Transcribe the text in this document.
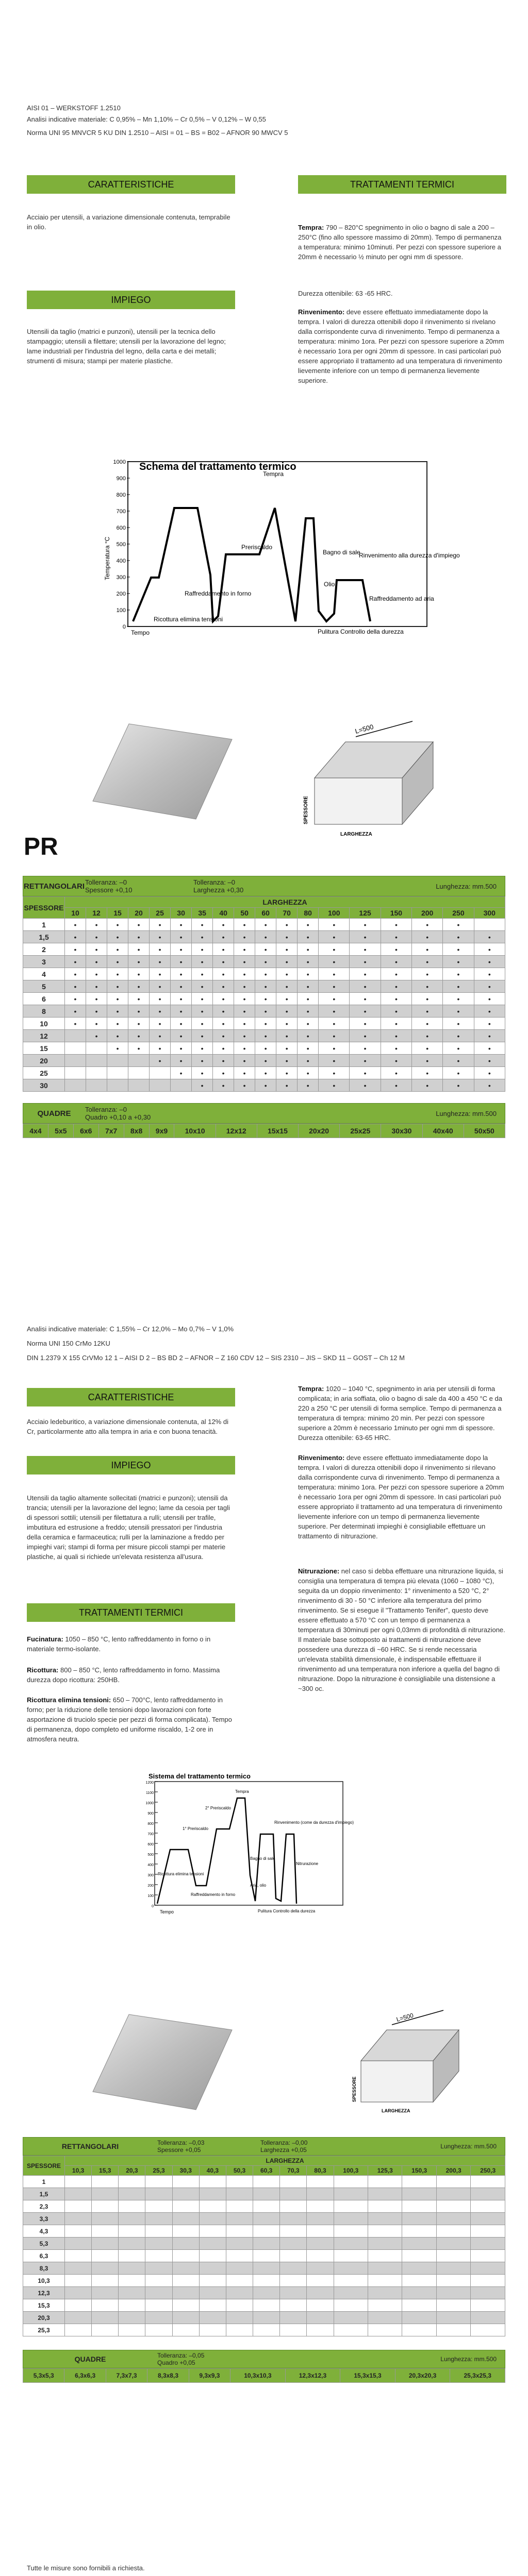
AISI 01 – WERKSTOFF 1.2510
Analisi indicative materiale: C 0,95% – Mn 1,10% – Cr 0,5% – V 0,12% – W 0,55
Norma UNI 95 MNVCR 5 KU DIN 1.2510 – AISI = 01 – BS = B02 – AFNOR 90 MWCV 5
CARATTERISTICHE
Acciaio per utensili, a variazione dimensionale contenuta, temprabile in olio.
IMPIEGO
Utensili da taglio (matrici e punzoni), utensili per la tecnica dello stampaggio; utensili a filettare; utensili per la lavorazione del legno; lame industriali per l'industria del legno, della carta e dei metalli; strumenti di misura; stampi per materie plastiche.
TRATTAMENTI TERMICI
Tempra: 790 – 820°C spegnimento in olio o bagno di sale a 200 – 250°C (fino allo spessore massimo di 20mm). Tempo di permanenza a temperatura: minimo 10minuti. Per pezzi con spessore superiore a 20mm è necessario ½ minuto per ogni mm di spessore.
Durezza ottenibile: 63 -65 HRC.
Rinvenimento: deve essere effettuato immediatamente dopo la tempra. I valori di durezza ottenibili dopo il rinvenimento si rivelano dalla corrispondente curva di rinvenimento. Tempo di permanenza a temperatura: minimo 1ora. Per pezzi con spessore superiore a 20mm è necessario 1ora per ogni 20mm di spessore. In casi particolari può essere appropriato il trattamento ad una temperatura di rinvenimento lievemente inferiore con un tempo di permanenza lievemente superiore.
Schema del trattamento termico
0
100
200
300
400
500
600
700
800
900
1000
Temperatura °C
Tempo
Tempra
Preriscaldo
Raffreddamento in forno
Ricottura elimina tensioni
Bagno di sale
Olio
Rinvenimento alla durezza d'impiego
Raffreddamento ad aria
Pulitura Controllo della durezza
L=500
SPESSORE
LARGHEZZA
PR
RETTANGOLARI Tolleranza: –0
Spessore +0,10
Tolleranza: –0
Larghezza +0,30	Lunghezza: mm.500
SPESSORE	LARGHEZZA																	
	10	12	15	20	25	30	35	40	50	60	70	80	100	125	150	200	250	300
1	•	•	•	•	•	•	•	•	•	•	•	•	•	•	•	•	•	
1,5	•	•	•	•	•	•	•	•	•	•	•	•	•	•	•	•	•	•
2	•	•	•	•	•	•	•	•	•	•	•	•	•	•	•	•	•	•
3	•	•	•	•	•	•	•	•	•	•	•	•	•	•	•	•	•	•
4	•	•	•	•	•	•	•	•	•	•	•	•	•	•	•	•	•	•
5	•	•	•	•	•	•	•	•	•	•	•	•	•	•	•	•	•	•
6	•	•	•	•	•	•	•	•	•	•	•	•	•	•	•	•	•	•
8	•	•	•	•	•	•	•	•	•	•	•	•	•	•	•	•	•	•
10	•	•	•	•	•	•	•	•	•	•	•	•	•	•	•	•	•	•
12		•	•	•	•	•	•	•	•	•	•	•	•	•	•	•	•	•
15			•	•	•	•	•	•	•	•	•	•	•	•	•	•	•	•
20					•	•	•	•	•	•	•	•	•	•	•	•	•	•
25						•	•	•	•	•	•	•	•	•	•	•	•	•
30							•	•	•	•	•	•	•	•	•	•	•	•
QUADRE	Tolleranza: –0
Quadro +0,10 a +0,30	Lunghezza: mm.500
4x4	5x5	6x6	7x7	8x8	9x9	10x10	12x12	15x15	20x20	25x25	30x30	40x40	50x50
Analisi indicative materiale: C 1,55% – Cr 12,0% – Mo 0,7% – V 1,0%
Norma UNI 150 CrMo 12KU
DIN 1.2379 X 155 CrVMo 12 1 – AISI D 2 – BS BD 2 – AFNOR – Z 160 CDV 12 – SIS 2310 – JIS – SKD 11 – GOST – Ch 12 M
CARATTERISTICHE
Acciaio ledeburitico, a variazione dimensionale contenuta, al 12% di Cr, particolarmente atto alla tempra in aria e con buona tenacità.
IMPIEGO
Utensili da taglio altamente sollecitati (matrici e punzoni); utensili da trancia; utensili per la lavorazione del legno; lame da cesoia per tagli di spessori sottili; utensili per filettatura a rulli; utensili per trafile, imbutitura ed estrusione a freddo; utensili pressatori per l'industria della ceramica e farmaceutica; rulli per la laminazione a freddo per impieghi vari; stampi di forma per misure piccoli stampi per materie plastiche, ai quali si richiede un'elevata resistenza all'usura.
TRATTAMENTI TERMICI
Fucinatura: 1050 – 850 °C, lento raffreddamento in forno o in materiale termo-isolante.
Ricottura: 800 – 850 °C, lento raffreddamento in forno. Massima durezza dopo ricottura: 250HB.
Ricottura elimina tensioni: 650 – 700°C, lento raffreddamento in forno; per la riduzione delle tensioni dopo lavorazioni con forte asportazione di truciolo specie per pezzi di forma complicata). Tempo di permanenza, dopo completo ed uniforme riscaldo, 1-2 ore in atmosfera neutra.
Tempra: 1020 – 1040 °C, spegnimento in aria per utensili di forma complicata; in aria soffiata, olio o bagno di sale da 400 a 450 °C e da 220 a 250 °C per utensili di forma semplice. Tempo di permanenza a temperatura di tempra: minimo 20 min. Per pezzi con spessore superiore a 20mm è necessario 1minuto per ogni mm di spessore. Durezza ottenibile: 63-65 HRC.
Rinvenimento: deve essere effettuato immediatamente dopo la tempra. I valori di durezza ottenibili dopo il rinvenimento si rilevano dalla corrispondente curva di rinvenimento. Tempo di permanenza a temperatura: minimo 1ora. Per pezzi con spessore superiore a 20mm è necessario 1ora per ogni 20mm di spessore. In casi particolari può essere appropriato il trattamento ad una temperatura di rinvenimento lievemente inferiore con un tempo di permanenza lievemente superiore. Per determinati impieghi è consigliabile effettuare un trattamento di nitrurazione.
Nitrurazione: nel caso si debba effettuare una nitrurazione liquida, si consiglia una temperatura di tempra più elevata (1060 – 1080 °C), seguita da un doppio rinvenimento: 1° rinvenimento a 520 °C, 2° rinvenimento di 30 - 50 °C inferiore alla temperatura del primo rinvenimento. Se si esegue il "Trattamento Tenifer", questo deve essere effettuato a 570 °C con un tempo di permanenza a temperatura di 30minuti per ogni 0,03mm di profondità di nitrurazione. Il materiale base sottoposto ai trattamenti di nitrurazione deve possedere una durezza di ~60 HRC. Se si rende necessaria un'elevata stabilità dimensionale, è indispensabile effettuare il rinvenimento ad una temperatura non inferiore a quella del bagno di nitrurazione. Dopo la nitrurazione è consigliabile una distensione a ~300 oc.
Sistema del trattamento termico
0
100
200
300
400
500
600
700
800
900
1000
1100
1200
Tempo
Tempra
2° Preriscaldo
1° Preriscaldo
Ricottura elimina tensioni
Raffreddamento in forno
Bagno di sale
Aria, olio
Rinvenimento (come da durezza d'impiego)
Nitrurazione
Pulitura Controllo della durezza
L=500
SPESSORE
LARGHEZZA
RETTANGOLARI	Tolleranza: –0,03
Spessore +0,05
Tolleranza: –0,00
Larghezza +0,05	Lunghezza: mm.500
SPESSORE	LARGHEZZA														
	10,3	15,3	20,3	25,3	30,3	40,3	50,3	60,3	70,3	80,3	100,3	125,3	150,3	200,3	250,3
1															
1,5															
2,3															
3,3															
4,3															
5,3															
6,3															
8,3															
10,3															
12,3															
15,3															
20,3															
25,3															
QUADRE	Tolleranza: –0,05
Quadro +0,05	Lunghezza: mm.500
5,3x5,3	6,3x6,3	7,3x7,3	8,3x8,3	9,3x9,3	10,3x10,3	12,3x12,3	15,3x15,3	20,3x20,3	25,3x25,3
Tutte le misure sono fornibili a richiesta.
